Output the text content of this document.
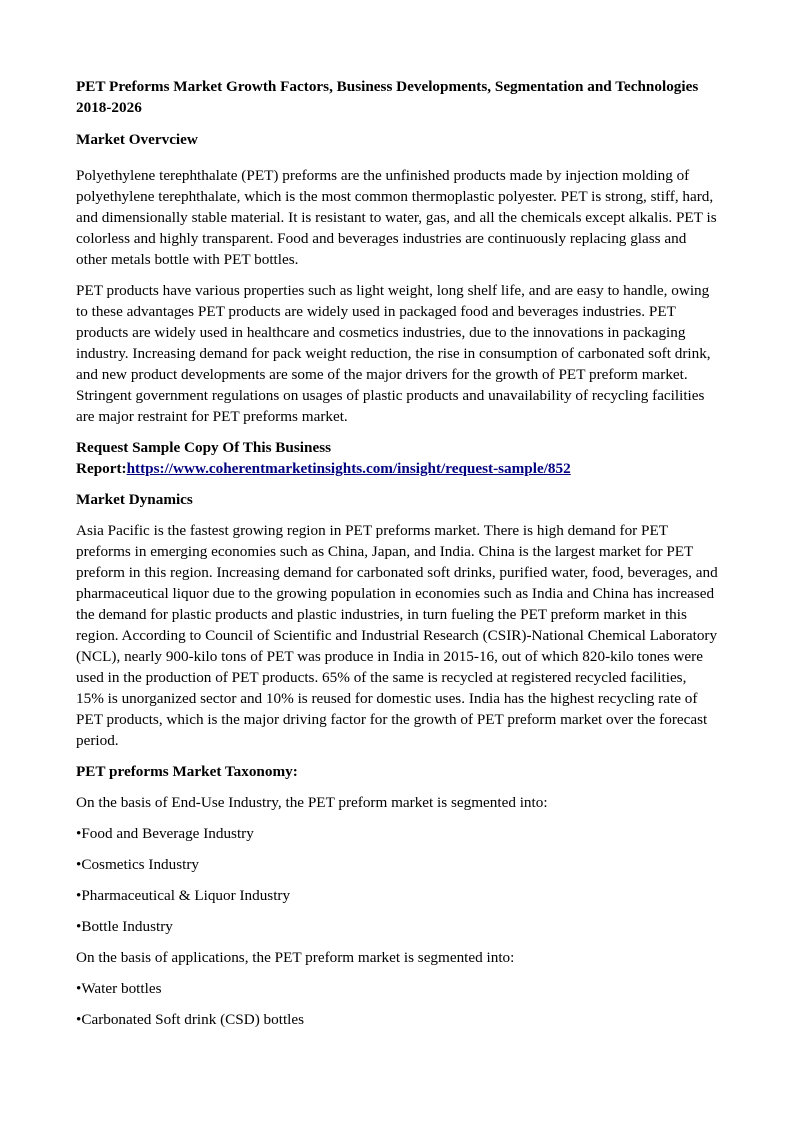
PET Preforms Market Growth Factors, Business Developments, Segmentation and Technologies 2018-2026

Market Overvciew

Polyethylene terephthalate (PET) preforms are the unfinished products made by injection molding of polyethylene terephthalate, which is the most common thermoplastic polyester. PET is strong, stiff, hard, and dimensionally stable material. It is resistant to water, gas, and all the chemicals except alkalis. PET is colorless and highly transparent. Food and beverages industries are continuously replacing glass and other metals bottle with PET bottles.

PET products have various properties such as light weight, long shelf life, and are easy to handle, owing to these advantages PET products are widely used in packaged food and beverages industries. PET products are widely used in healthcare and cosmetics industries, due to the innovations in packaging industry. Increasing demand for pack weight reduction, the rise in consumption of carbonated soft drink, and new product developments are some of the major drivers for the growth of PET preform market. Stringent government regulations on usages of plastic products and unavailability of recycling facilities are major restraint for PET preforms market.

Request Sample Copy Of This Business
Report:https://www.coherentmarketinsights.com/insight/request-sample/852

Market Dynamics

Asia Pacific is the fastest growing region in PET preforms market. There is high demand for PET preforms in emerging economies such as China, Japan, and India. China is the largest market for PET preform in this region. Increasing demand for carbonated soft drinks, purified water, food, beverages, and pharmaceutical liquor due to the growing population in economies such as India and China has increased the demand for plastic products and plastic industries, in turn fueling the PET preform market in this region. According to Council of Scientific and Industrial Research (CSIR)-National Chemical Laboratory (NCL), nearly 900-kilo tons of PET was produce in India in 2015-16, out of which 820-kilo tones were used in the production of PET products. 65% of the same is recycled at registered recycled facilities, 15% is unorganized sector and 10% is reused for domestic uses. India has the highest recycling rate of PET products, which is the major driving factor for the growth of PET preform market over the forecast period.

PET preforms Market Taxonomy:

On the basis of End-Use Industry, the PET preform market is segmented into:

•Food and Beverage Industry

•Cosmetics Industry

•Pharmaceutical & Liquor Industry

•Bottle Industry

On the basis of applications, the PET preform market is segmented into:

•Water bottles

•Carbonated Soft drink (CSD) bottles
